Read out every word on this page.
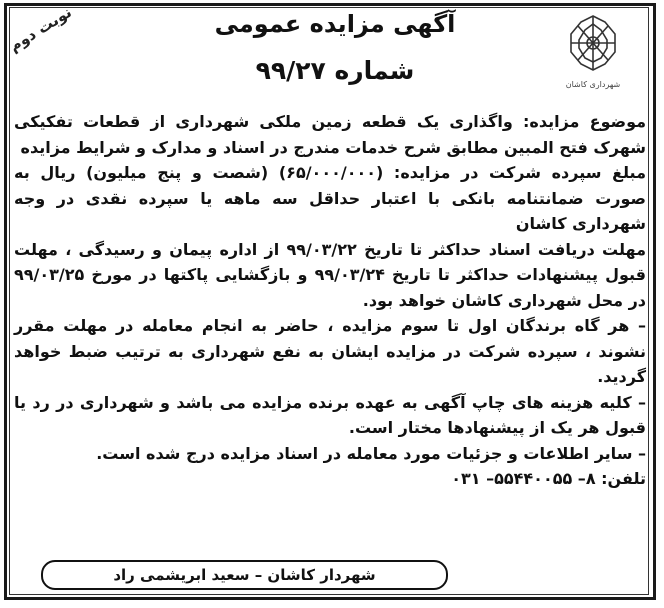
شهرداری کاشان
نوبت دوم	آگهی مزایده عمومی
شماره ۹۹/۲۷

موضوع مزایده: واگذاری یک قطعه زمین ملکی شهرداری از قطعات تفکیکی شهرک فتح المبین مطابق شرح خدمات مندرج در اسناد و مدارک و شرایط مزایده

مبلغ سپرده شرکت در مزایده: (۶۵/۰۰۰/۰۰۰) (شصت و پنج میلیون) ریال به صورت ضمانتنامه بانکی با اعتبار حداقل سه ماهه یا سپرده نقدی در وجه شهرداری کاشان

مهلت دریافت اسناد حداکثر تا تاریخ ۹۹/۰۳/۲۲ از اداره پیمان و رسیدگی ، مهلت قبول پیشنهادات حداکثر تا تاریخ ۹۹/۰۳/۲۴ و بازگشایی پاکتها در مورخ ۹۹/۰۳/۲۵ در محل شهرداری کاشان خواهد بود.

– هر گاه برندگان اول تا سوم مزایده ، حاضر به انجام معامله در مهلت مقرر نشوند ، سپرده شرکت در مزایده ایشان به نفع شهرداری به ترتیب ضبط خواهد گردید.

– کلیه هزینه های چاپ آگهی به عهده برنده مزایده می باشد و شهرداری در رد یا قبول هر یک از پیشنهادها مختار است.

– سایر اطلاعات و جزئیات مورد معامله در اسناد مزایده درج شده است.

تلفن: ۸– ۵۵۴۴۰۰۵۵– ۰۳۱

شهردار کاشان – سعید ابریشمی راد
